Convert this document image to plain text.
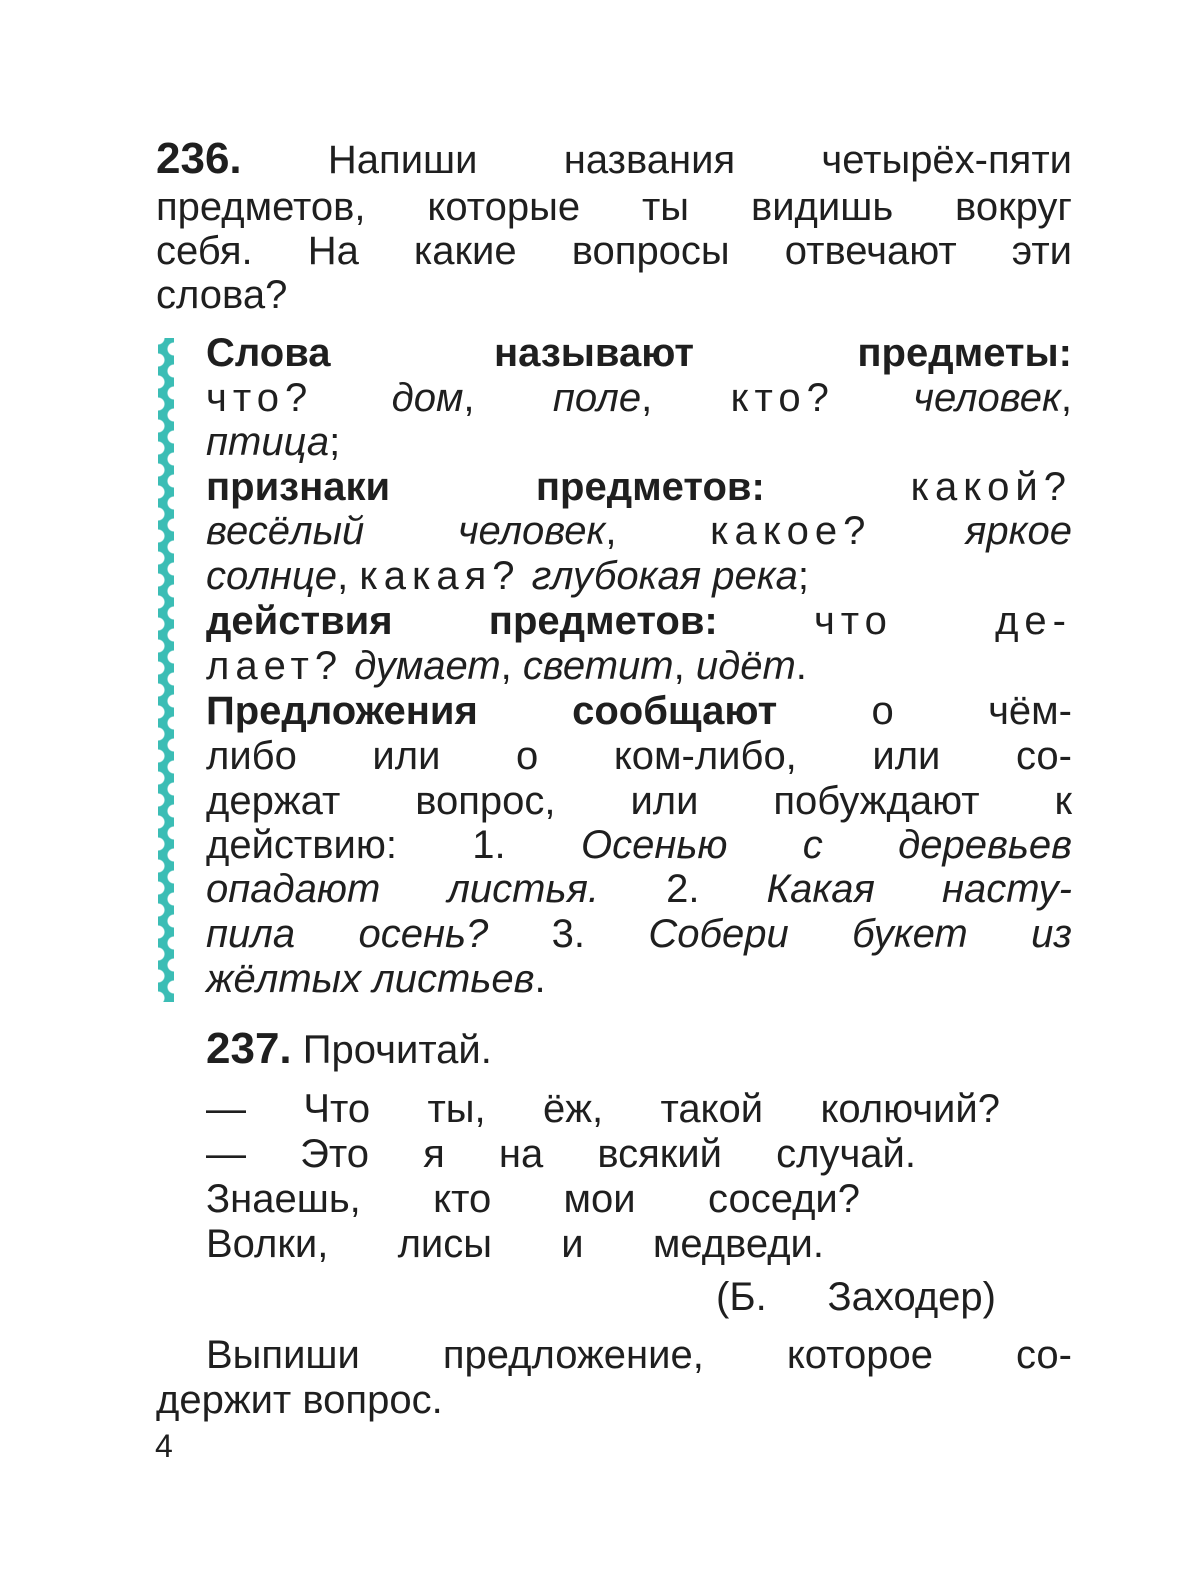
236. Напиши названия четырёх-пяти
предметов, которые ты видишь вокруг
себя. На какие вопросы отвечают эти
слова?
Слова называют предметы:
что? дом, поле, кто? человек,
птица;
признаки предметов:	какой?
весёлый человек, какое? яркое
солнце, какая? глубокая река;
действия предметов: что де-
лает? думает, светит, идёт.
Предложения сообщают о чём-
либо или о ком-либо, или со-
держат вопрос, или побуждают к
действию: 1. Осенью с деревьев
опадают листья. 2. Какая насту-
пила осень? 3. Собери букет из
жёлтых листьев.
237. Прочитай.
— Что ты, ёж, такой колючий?
— Это я на всякий случай.
Знаешь, кто мои соседи?
Волки, лисы и медведи.
(Б. Заходер)
Выпиши предложение, которое со-
держит вопрос.
4
